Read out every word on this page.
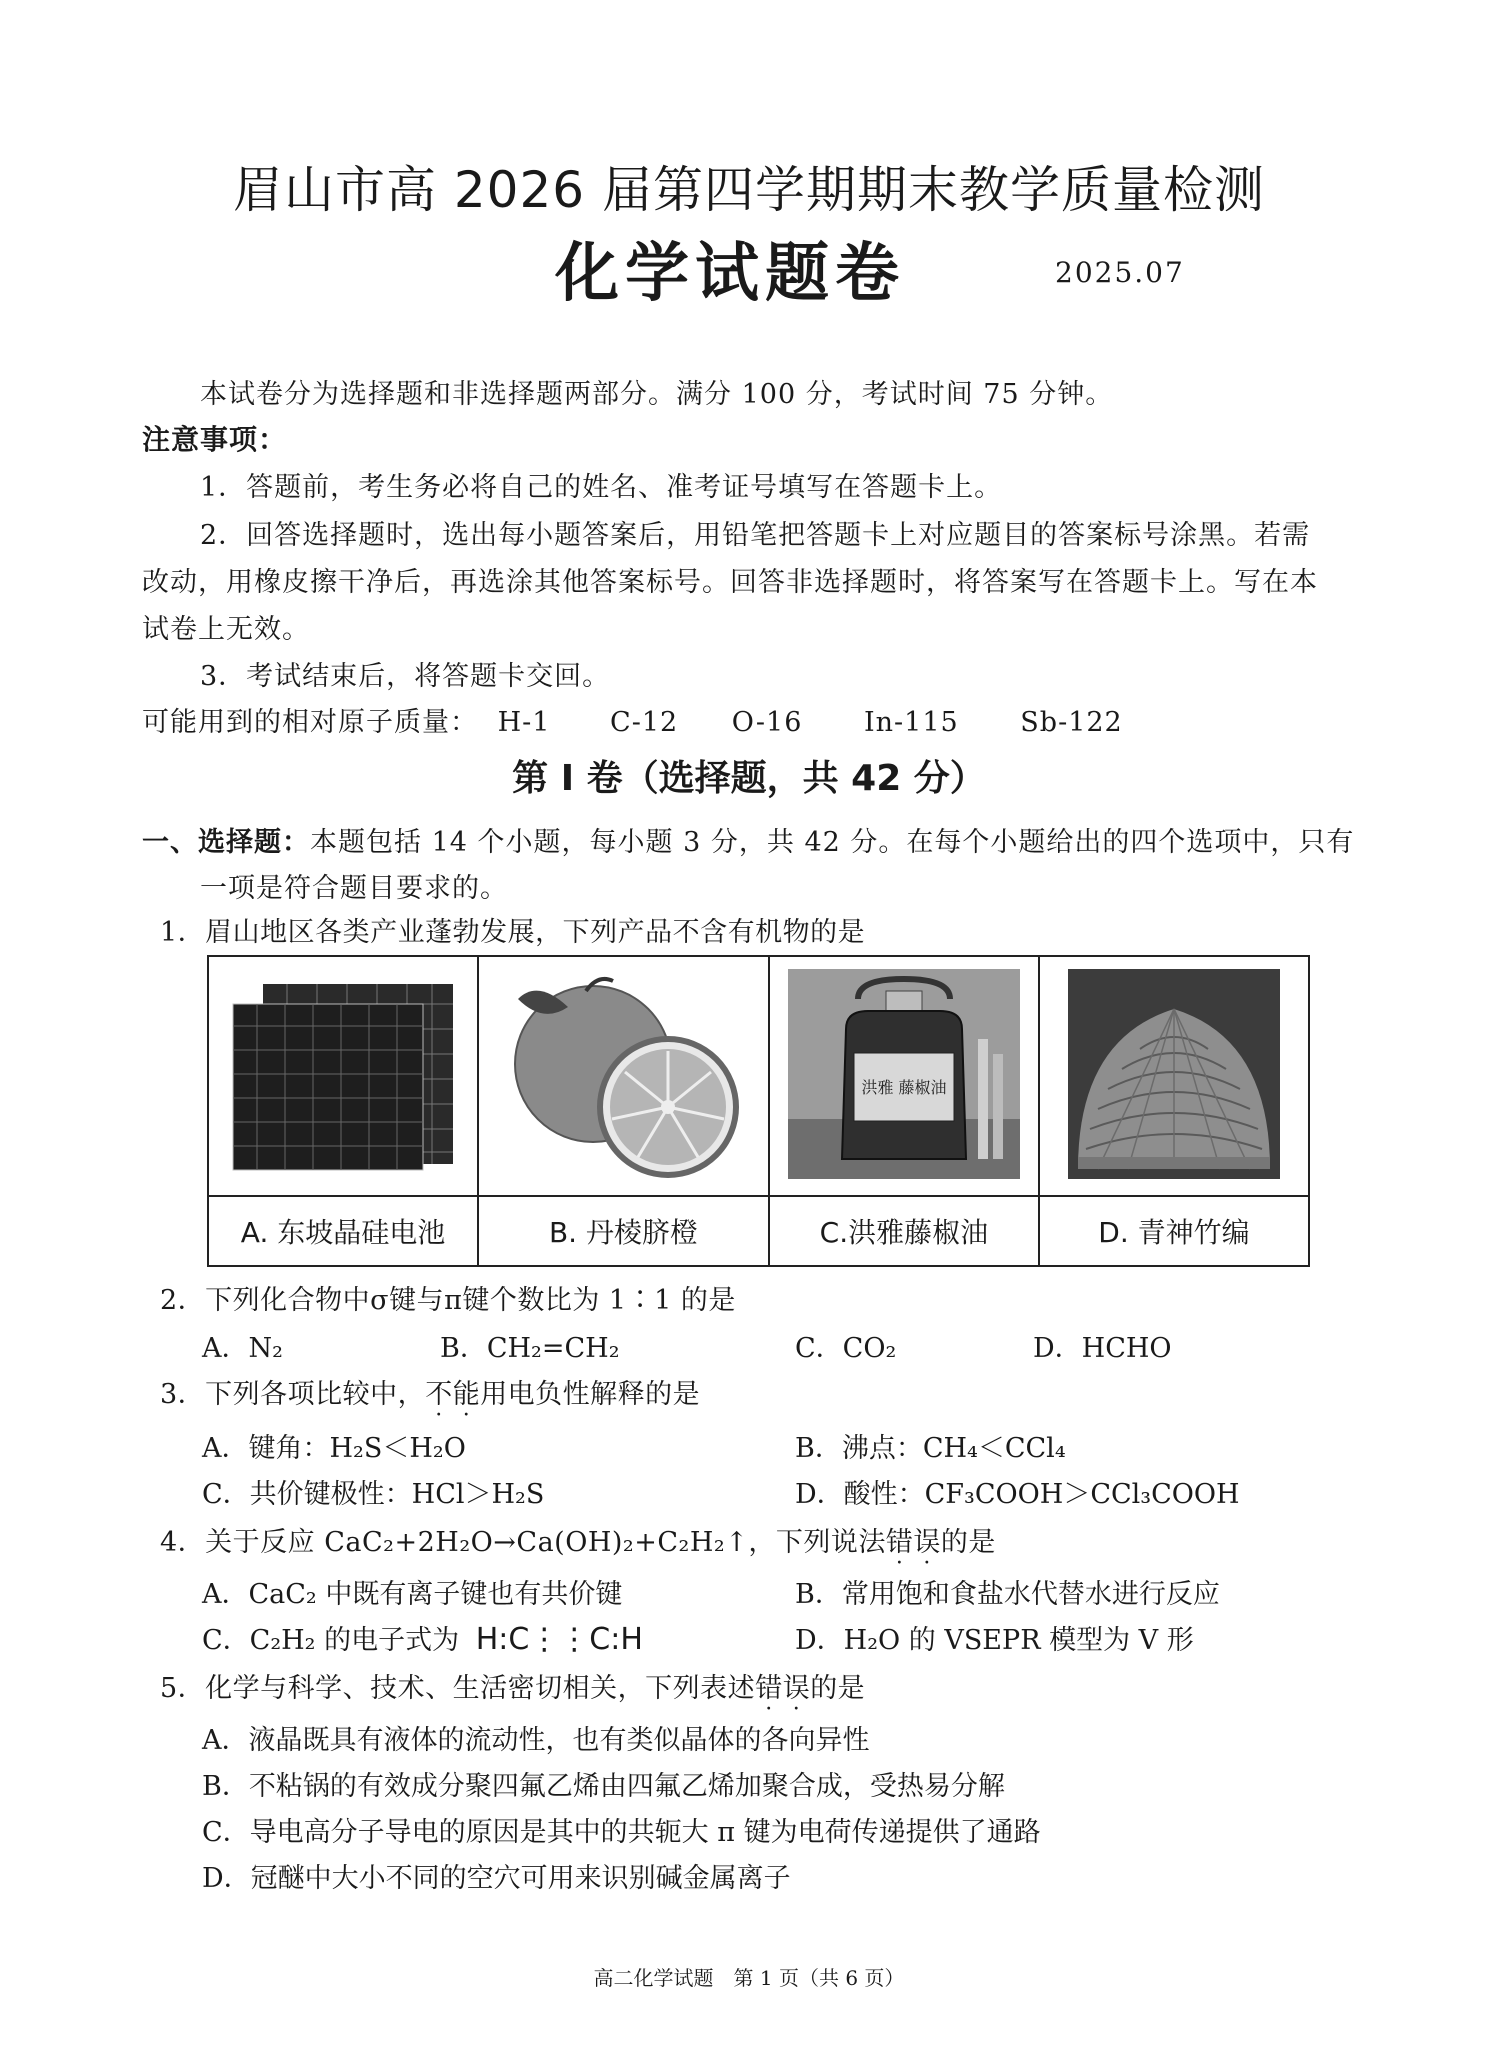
眉山市高 2026 届第四学期期末教学质量检测
化学试题卷	2025.07
本试卷分为选择题和非选择题两部分。满分 100 分，考试时间 75 分钟。
注意事项：
1．答题前，考生务必将自己的姓名、准考证号填写在答题卡上。
2．回答选择题时，选出每小题答案后，用铅笔把答题卡上对应题目的答案标号涂黑。若需
改动，用橡皮擦干净后，再选涂其他答案标号。回答非选择题时，将答案写在答题卡上。写在本
试卷上无效。
3．考试结束后，将答题卡交回。
可能用到的相对原子质量： H-1 C-12 O-16 In-115 Sb-122
第 I 卷（选择题，共 42 分）
一、选择题：本题包括 14 个小题，每小题 3 分，共 42 分。在每个小题给出的四个选项中，只有
一项是符合题目要求的。
1．眉山地区各类产业蓬勃发展，下列产品不含有机物的是

洪雅 藤椒油

A. 东坡晶硅电池	B. 丹棱脐橙	C.洪雅藤椒油	D. 青神竹编
2．下列化合物中σ键与π键个数比为 1∶1 的是
A．N₂	B．CH₂=CH₂	C．CO₂	D．HCHO
3．下列各项比较中，不能用电负性解释的是
A．键角：H₂S＜H₂O	B．沸点：CH₄＜CCl₄
C．共价键极性：HCl＞H₂S	D．酸性：CF₃COOH＞CCl₃COOH
4．关于反应 CaC₂+2H₂O→Ca(OH)₂+C₂H₂↑，下列说法错误的是
A．CaC₂ 中既有离子键也有共价键	B．常用饱和食盐水代替水进行反应
C．C₂H₂ 的电子式为 H:C⋮⋮C:H	D．H₂O 的 VSEPR 模型为 V 形
5．化学与科学、技术、生活密切相关，下列表述错误的是
A．液晶既具有液体的流动性，也有类似晶体的各向异性
B．不粘锅的有效成分聚四氟乙烯由四氟乙烯加聚合成，受热易分解
C．导电高分子导电的原因是其中的共轭大 π 键为电荷传递提供了通路
D．冠醚中大小不同的空穴可用来识别碱金属离子
高二化学试题　第 1 页（共 6 页）
